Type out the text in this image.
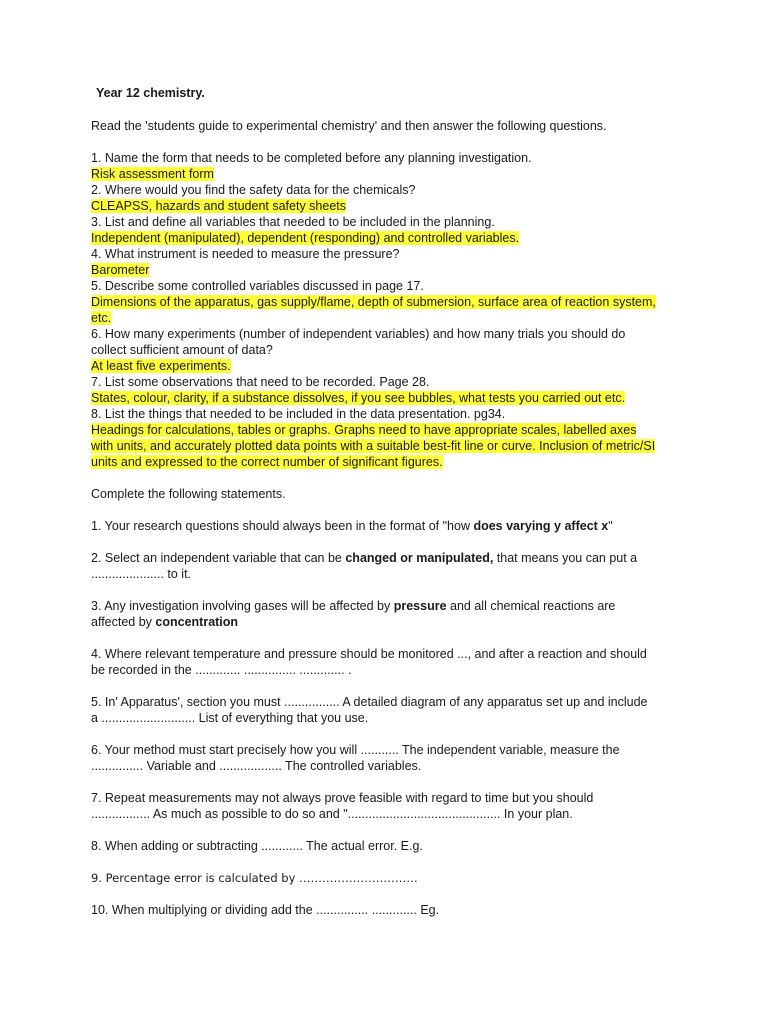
Year 12 chemistry.
Read the 'students guide to experimental chemistry' and then answer the following questions.
1. Name the form that needs to be completed before any planning investigation.
Risk assessment form
2. Where would you find the safety data for the chemicals?
CLEAPSS, hazards and student safety sheets
3. List and define all variables that needed to be included in the planning.
Independent (manipulated), dependent (responding) and controlled variables.
4. What instrument is needed to measure the pressure?
Barometer
5. Describe some controlled variables discussed in page 17.
Dimensions of the apparatus, gas supply/flame, depth of submersion, surface area of reaction system,
etc.
6. How many experiments (number of independent variables) and how many trials you should do
collect sufficient amount of data?
At least five experiments.
7. List some observations that need to be recorded. Page 28.
States, colour, clarity, if a substance dissolves, if you see bubbles, what tests you carried out etc.
8. List the things that needed to be included in the data presentation. pg34.
Headings for calculations, tables or graphs. Graphs need to have appropriate scales, labelled axes
with units, and accurately plotted data points with a suitable best-fit line or curve. Inclusion of metric/SI
units and expressed to the correct number of significant figures.
Complete the following statements.
1. Your research questions should always been in the format of "how does varying y affect x"
2. Select an independent variable that can be changed or manipulated, that means you can put a
..................... to it.
3. Any investigation involving gases will be affected by pressure and all chemical reactions are
affected by concentration
4. Where relevant temperature and pressure should be monitored ..., and after a reaction and should
be recorded in the ............. ............... ............. .
5. In' Apparatus', section you must ................ A detailed diagram of any apparatus set up and include
a ........................... List of everything that you use.
6. Your method must start precisely how you will ........... The independent variable, measure the
............... Variable and .................. The controlled variables.
7. Repeat measurements may not always prove feasible with regard to time but you should
................. As much as possible to do so and "............................................ In your plan.
8. When adding or subtracting ............ The actual error. E.g.
9. Percentage error is calculated by ………………………….
10. When multiplying or dividing add the ............... ............. Eg.
